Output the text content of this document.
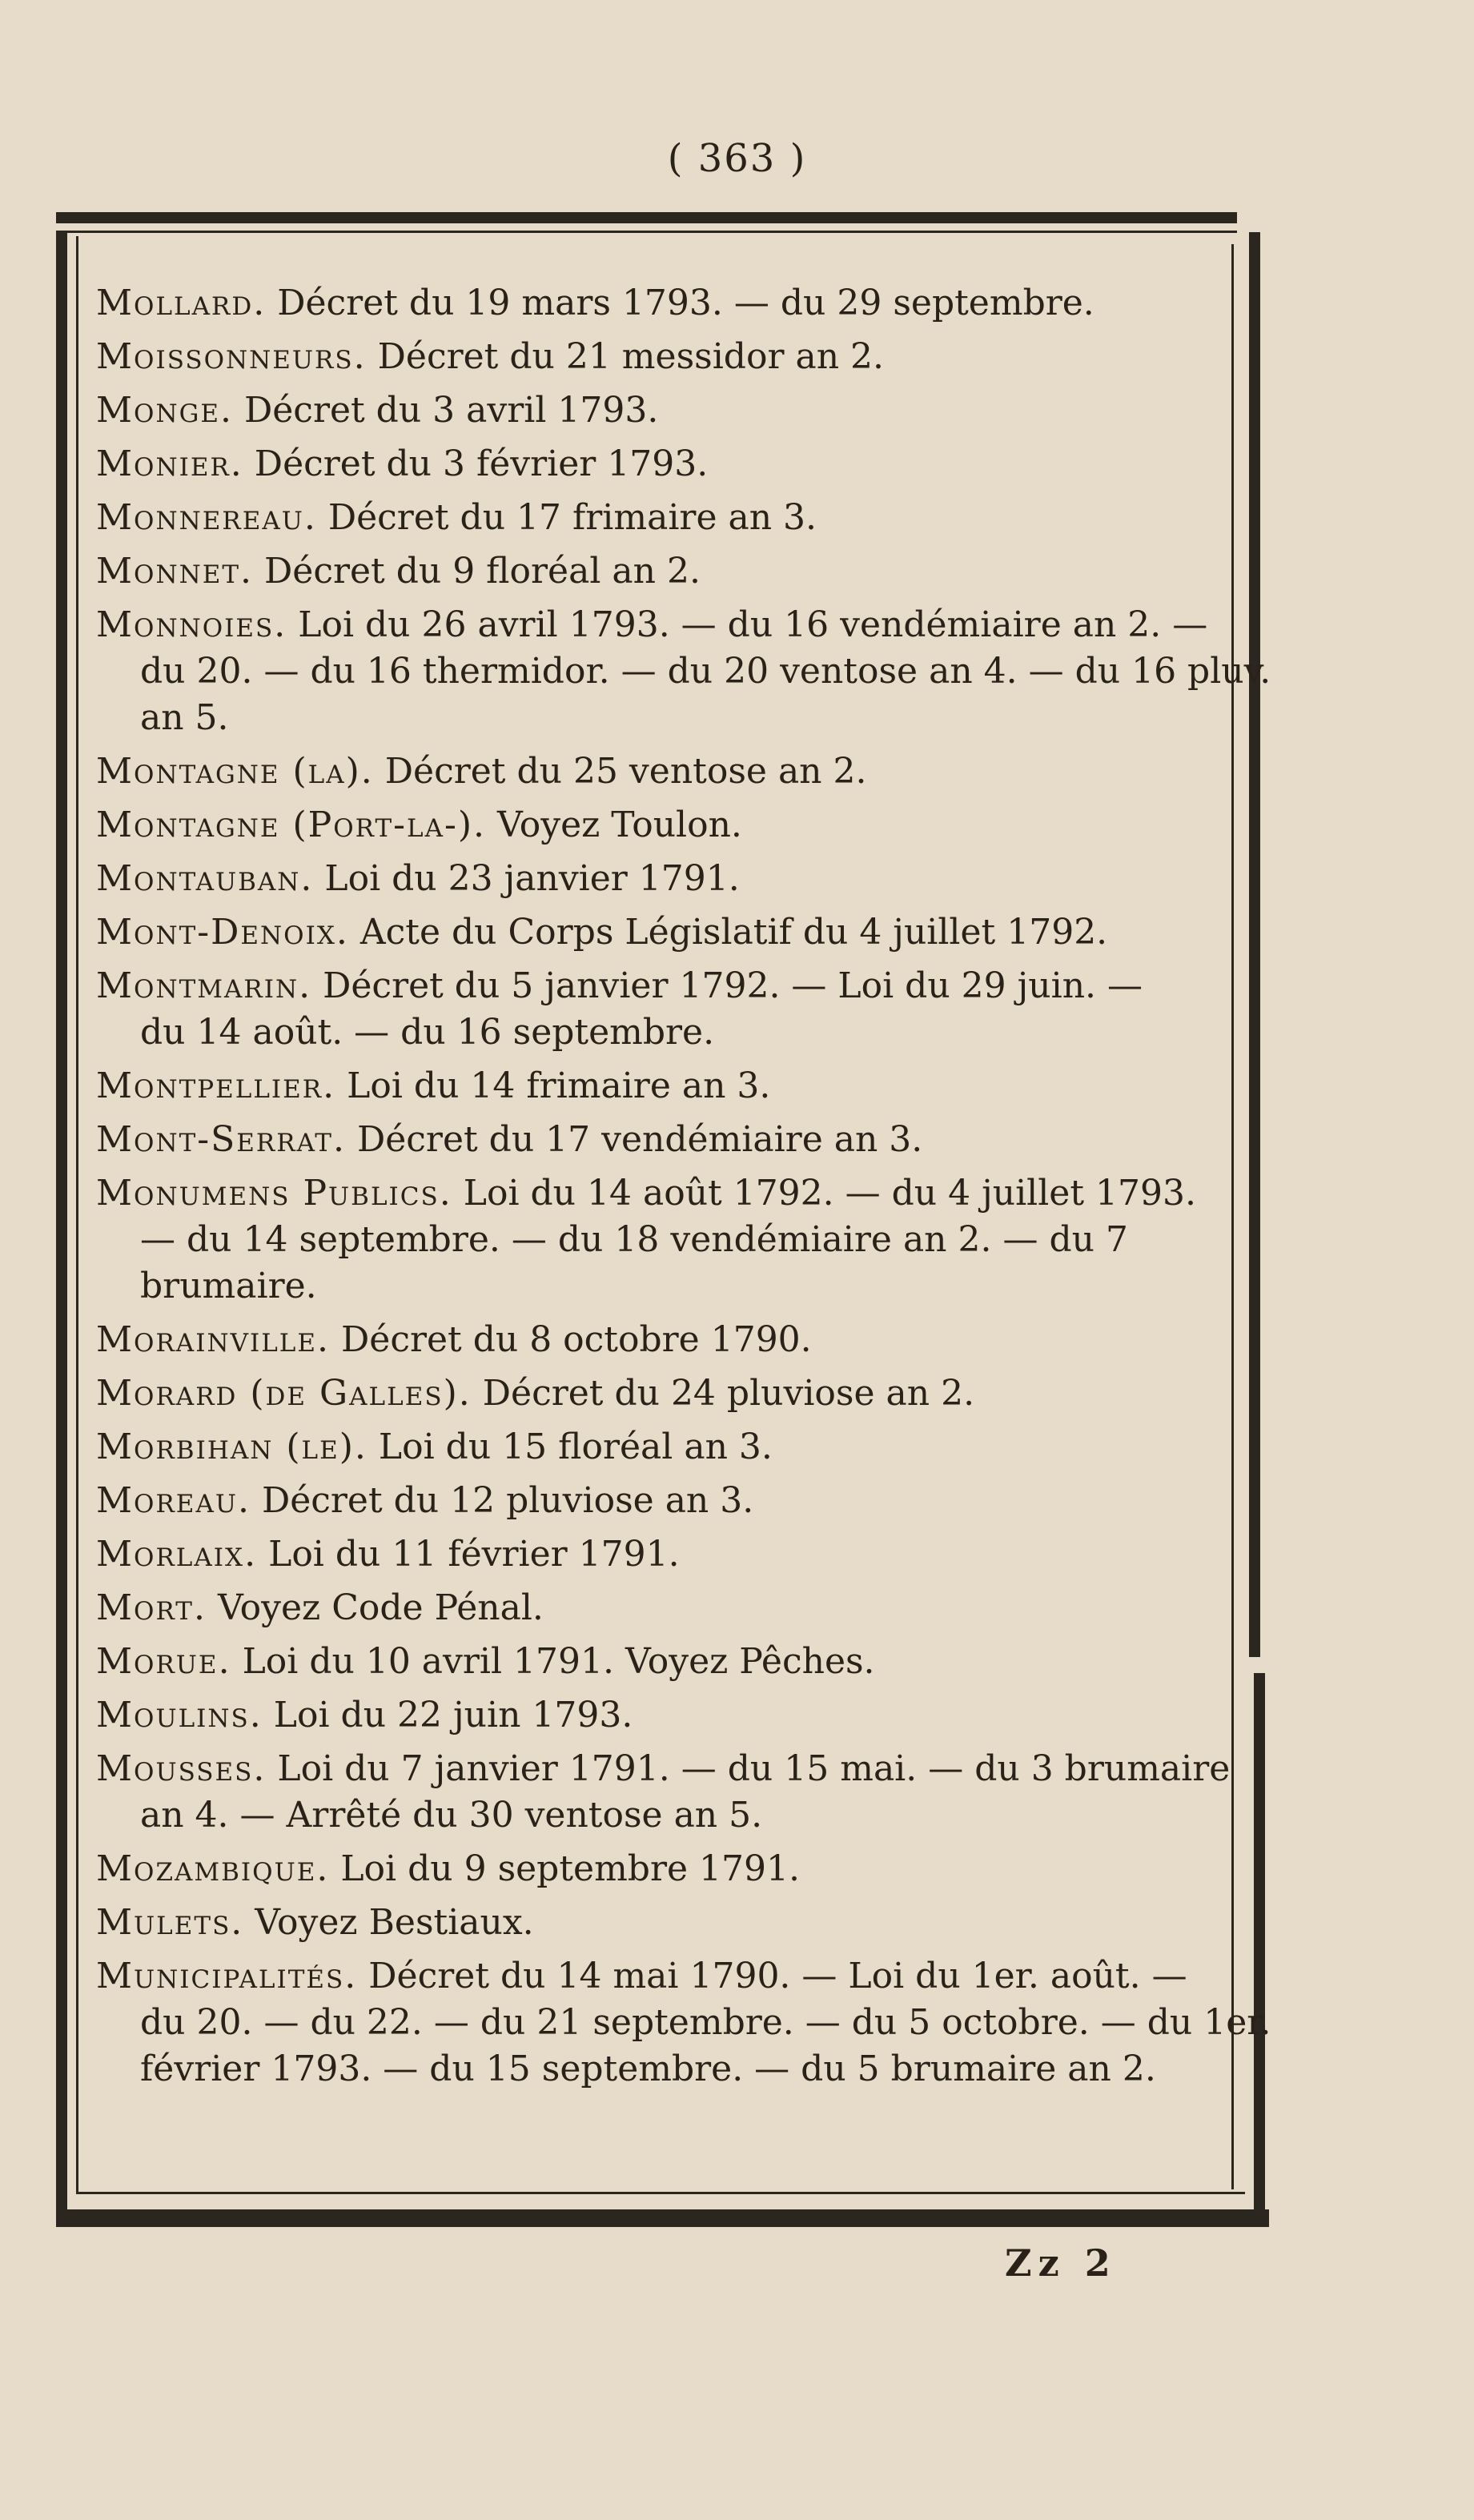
( 363 )
Mollard. Décret du 19 mars 1793. — du 29 septembre.
Moissonneurs. Décret du 21 messidor an 2.
Monge. Décret du 3 avril 1793.
Monier. Décret du 3 février 1793.
Monnereau. Décret du 17 frimaire an 3.
Monnet. Décret du 9 floréal an 2.
Monnoies. Loi du 26 avril 1793. — du 16 vendémiaire an 2. —
du 20. — du 16 thermidor. — du 20 ventose an 4. — du 16 pluv.
an 5.
Montagne (la). Décret du 25 ventose an 2.
Montagne (Port-la-). Voyez Toulon.
Montauban. Loi du 23 janvier 1791.
Mont-Denoix. Acte du Corps Législatif du 4 juillet 1792.
Montmarin. Décret du 5 janvier 1792. — Loi du 29 juin. —
du 14 août. — du 16 septembre.
Montpellier. Loi du 14 frimaire an 3.
Mont-Serrat. Décret du 17 vendémiaire an 3.
Monumens Publics. Loi du 14 août 1792. — du 4 juillet 1793.
— du 14 septembre. — du 18 vendémiaire an 2. — du 7
brumaire.
Morainville. Décret du 8 octobre 1790.
Morard (de Galles). Décret du 24 pluviose an 2.
Morbihan (le). Loi du 15 floréal an 3.
Moreau. Décret du 12 pluviose an 3.
Morlaix. Loi du 11 février 1791.
Mort. Voyez Code Pénal.
Morue. Loi du 10 avril 1791. Voyez Pêches.
Moulins. Loi du 22 juin 1793.
Mousses. Loi du 7 janvier 1791. — du 15 mai. — du 3 brumaire
an 4. — Arrêté du 30 ventose an 5.
Mozambique. Loi du 9 septembre 1791.
Mulets. Voyez Bestiaux.
Municipalités. Décret du 14 mai 1790. — Loi du 1er. août. —
du 20. — du 22. — du 21 septembre. — du 5 octobre. — du 1er.
février 1793. — du 15 septembre. — du 5 brumaire an 2.
Zz 2
